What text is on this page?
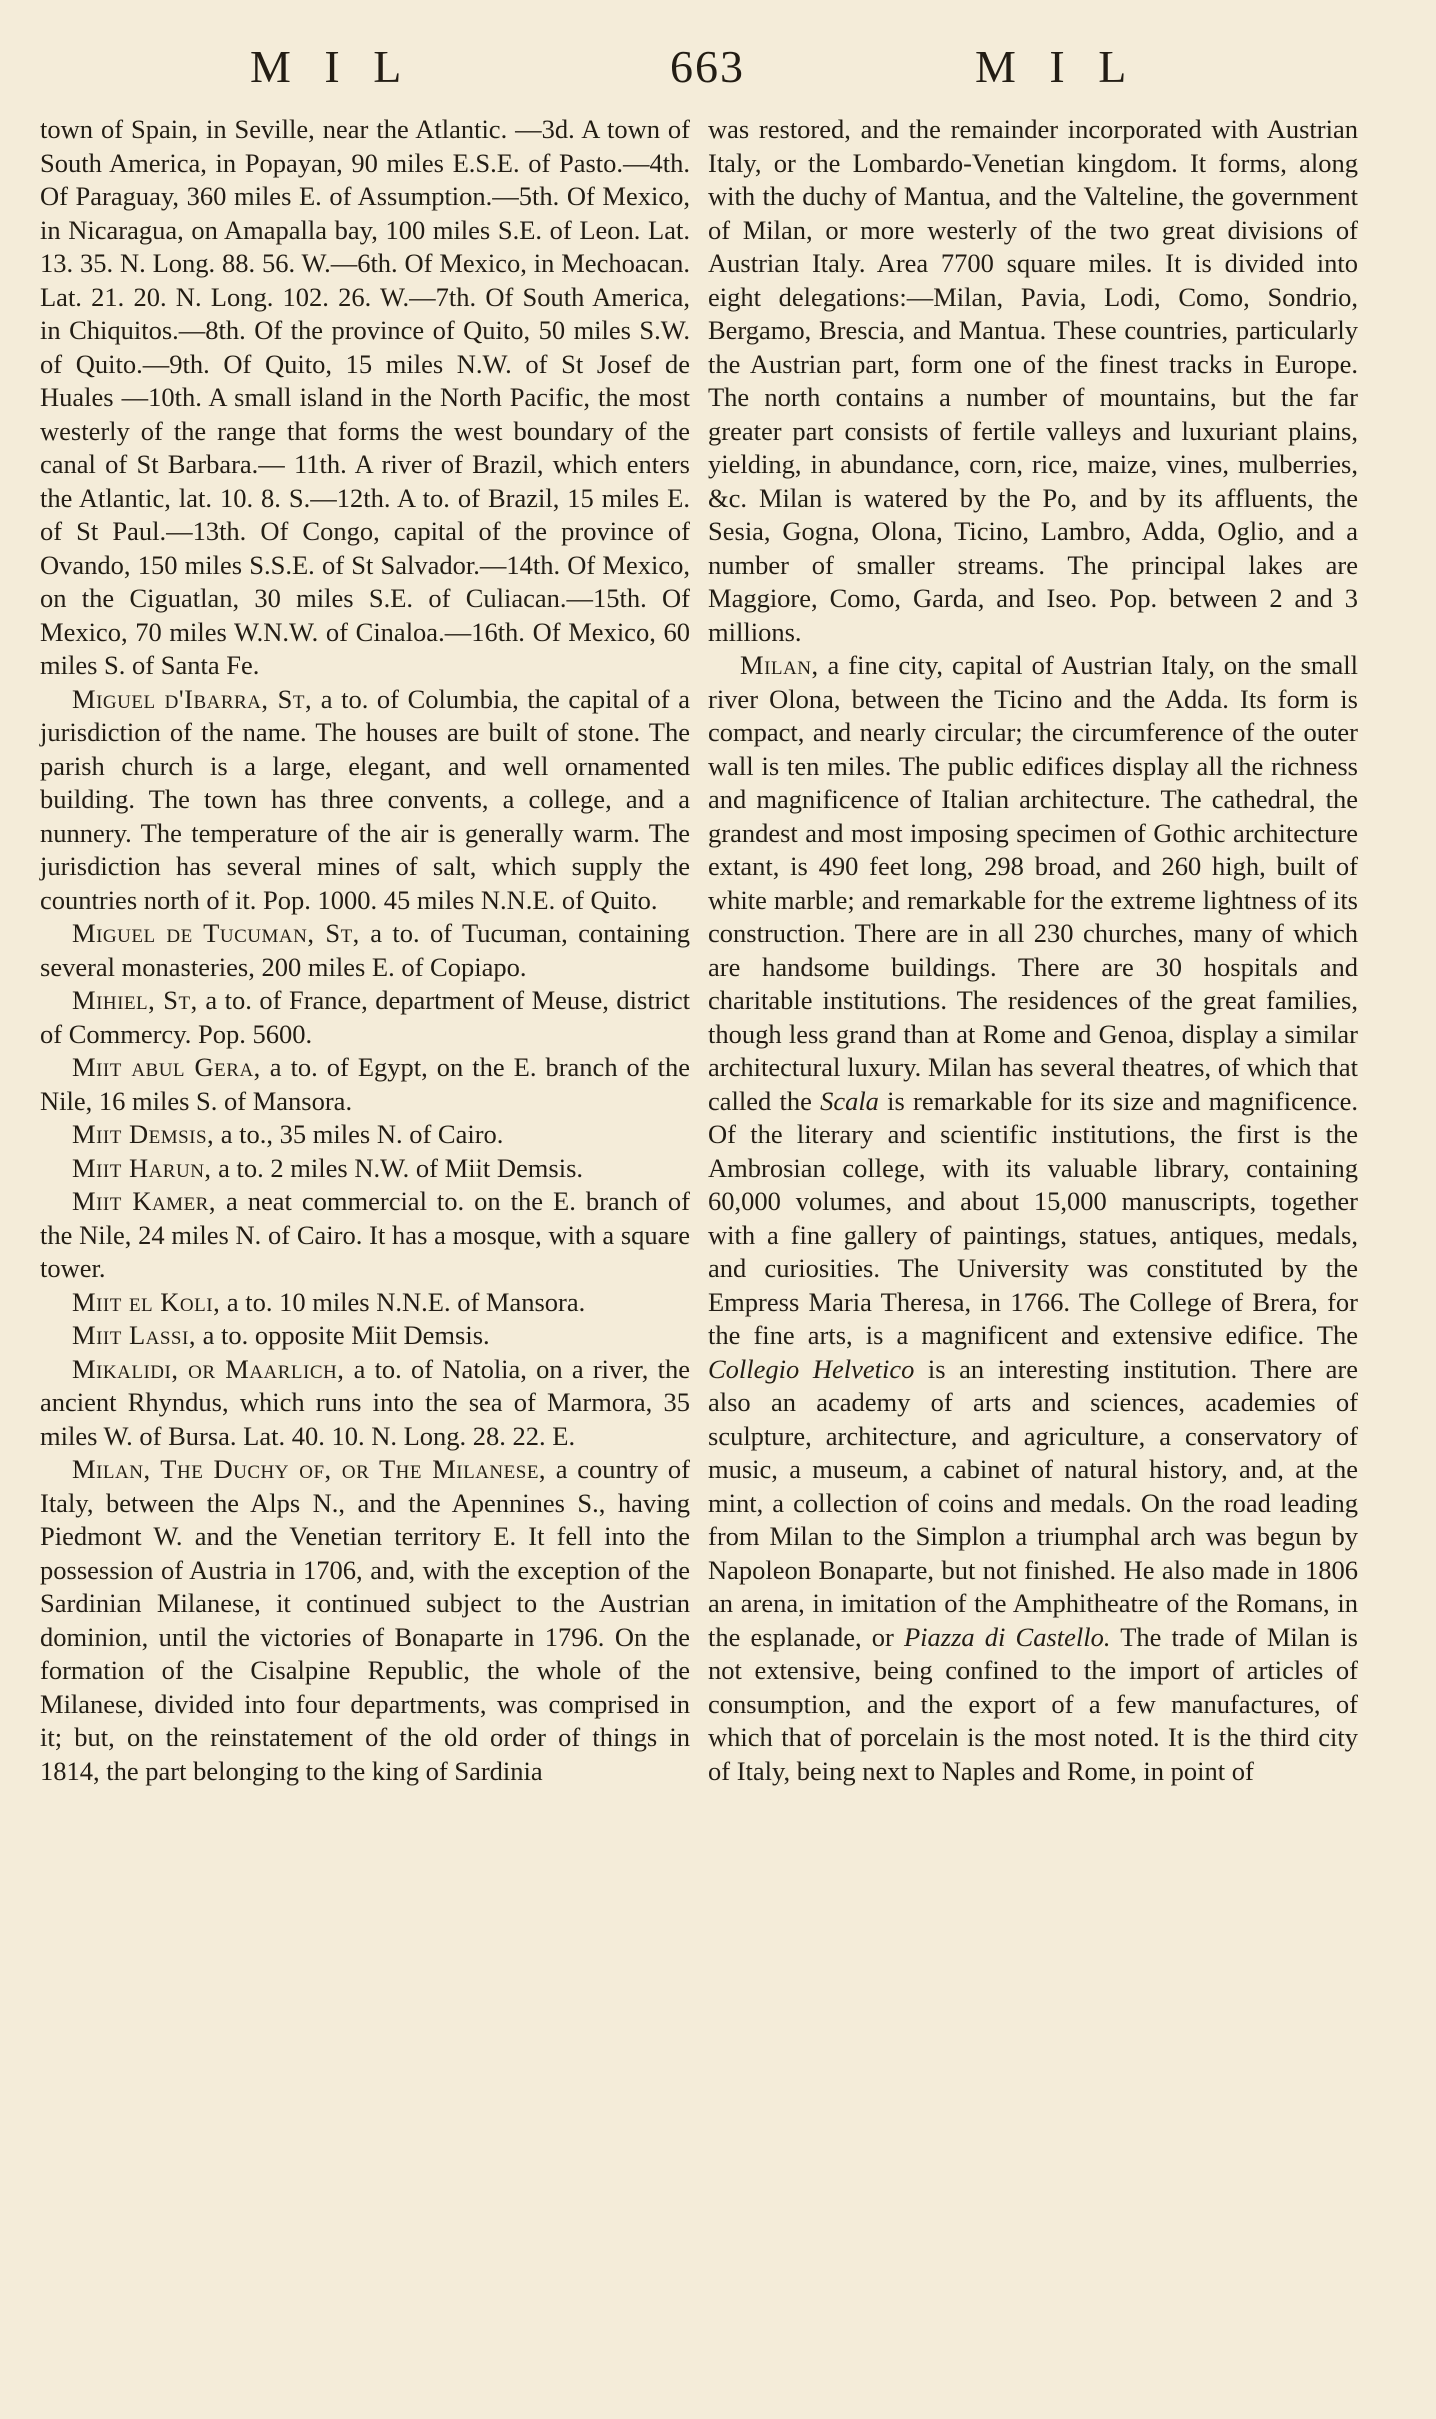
M I L	663	M I L

town of Spain, in Seville, near the Atlantic. —3d. A town of South America, in Popayan, 90 miles E.S.E. of Pasto.—4th. Of Paraguay, 360 miles E. of Assumption.—5th. Of Mexico, in Nicaragua, on Amapalla bay, 100 miles S.E. of Leon. Lat. 13. 35. N. Long. 88. 56. W.—6th. Of Mexico, in Mechoacan. Lat. 21. 20. N. Long. 102. 26. W.—7th. Of South America, in Chiquitos.—8th. Of the province of Quito, 50 miles S.W. of Quito.—9th. Of Quito, 15 miles N.W. of St Josef de Huales —10th. A small island in the North Pacific, the most westerly of the range that forms the west boundary of the canal of St Barbara.— 11th. A river of Brazil, which enters the Atlantic, lat. 10. 8. S.—12th. A to. of Brazil, 15 miles E. of St Paul.—13th. Of Congo, capital of the province of Ovando, 150 miles S.S.E. of St Salvador.—14th. Of Mexico, on the Ciguatlan, 30 miles S.E. of Culiacan.—15th. Of Mexico, 70 miles W.N.W. of Cinaloa.—16th. Of Mexico, 60 miles S. of Santa Fe.

Miguel d'Ibarra, St, a to. of Columbia, the capital of a jurisdiction of the name. The houses are built of stone. The parish church is a large, elegant, and well ornamented building. The town has three convents, a college, and a nunnery. The temperature of the air is generally warm. The jurisdiction has several mines of salt, which supply the countries north of it. Pop. 1000. 45 miles N.N.E. of Quito.

Miguel de Tucuman, St, a to. of Tucuman, containing several monasteries, 200 miles E. of Copiapo.

Mihiel, St, a to. of France, department of Meuse, district of Commercy. Pop. 5600.

Miit abul Gera, a to. of Egypt, on the E. branch of the Nile, 16 miles S. of Mansora.

Miit Demsis, a to., 35 miles N. of Cairo.

Miit Harun, a to. 2 miles N.W. of Miit Demsis.

Miit Kamer, a neat commercial to. on the E. branch of the Nile, 24 miles N. of Cairo. It has a mosque, with a square tower.

Miit el Koli, a to. 10 miles N.N.E. of Mansora.

Miit Lassi, a to. opposite Miit Demsis.

Mikalidi, or Maarlich, a to. of Natolia, on a river, the ancient Rhyndus, which runs into the sea of Marmora, 35 miles W. of Bursa. Lat. 40. 10. N. Long. 28. 22. E.

Milan, The Duchy of, or The Milanese, a country of Italy, between the Alps N., and the Apennines S., having Piedmont W. and the Venetian territory E. It fell into the possession of Austria in 1706, and, with the exception of the Sardinian Milanese, it continued subject to the Austrian dominion, until the victories of Bonaparte in 1796. On the formation of the Cisalpine Republic, the whole of the Milanese, divided into four departments, was comprised in it; but, on the reinstatement of the old order of things in 1814, the part belonging to the king of Sardinia

was restored, and the remainder incorporated with Austrian Italy, or the Lombardo-Venetian kingdom. It forms, along with the duchy of Mantua, and the Valteline, the government of Milan, or more westerly of the two great divisions of Austrian Italy. Area 7700 square miles. It is divided into eight delegations:—Milan, Pavia, Lodi, Como, Sondrio, Bergamo, Brescia, and Mantua. These countries, particularly the Austrian part, form one of the finest tracks in Europe. The north contains a number of mountains, but the far greater part consists of fertile valleys and luxuriant plains, yielding, in abundance, corn, rice, maize, vines, mulberries, &c. Milan is watered by the Po, and by its affluents, the Sesia, Gogna, Olona, Ticino, Lambro, Adda, Oglio, and a number of smaller streams. The principal lakes are Maggiore, Como, Garda, and Iseo. Pop. between 2 and 3 millions.

Milan, a fine city, capital of Austrian Italy, on the small river Olona, between the Ticino and the Adda. Its form is compact, and nearly circular; the circumference of the outer wall is ten miles. The public edifices display all the richness and magnificence of Italian architecture. The cathedral, the grandest and most imposing specimen of Gothic architecture extant, is 490 feet long, 298 broad, and 260 high, built of white marble; and remarkable for the extreme lightness of its construction. There are in all 230 churches, many of which are handsome buildings. There are 30 hospitals and charitable institutions. The residences of the great families, though less grand than at Rome and Genoa, display a similar architectural luxury. Milan has several theatres, of which that called the Scala is remarkable for its size and magnificence. Of the literary and scientific institutions, the first is the Ambrosian college, with its valuable library, containing 60,000 volumes, and about 15,000 manuscripts, together with a fine gallery of paintings, statues, antiques, medals, and curiosities. The University was constituted by the Empress Maria Theresa, in 1766. The College of Brera, for the fine arts, is a magnificent and extensive edifice. The Collegio Helvetico is an interesting institution. There are also an academy of arts and sciences, academies of sculpture, architecture, and agriculture, a conservatory of music, a museum, a cabinet of natural history, and, at the mint, a collection of coins and medals. On the road leading from Milan to the Simplon a triumphal arch was begun by Napoleon Bonaparte, but not finished. He also made in 1806 an arena, in imitation of the Amphitheatre of the Romans, in the esplanade, or Piazza di Castello. The trade of Milan is not extensive, being confined to the import of articles of consumption, and the export of a few manufactures, of which that of porcelain is the most noted. It is the third city of Italy, being next to Naples and Rome, in point of
